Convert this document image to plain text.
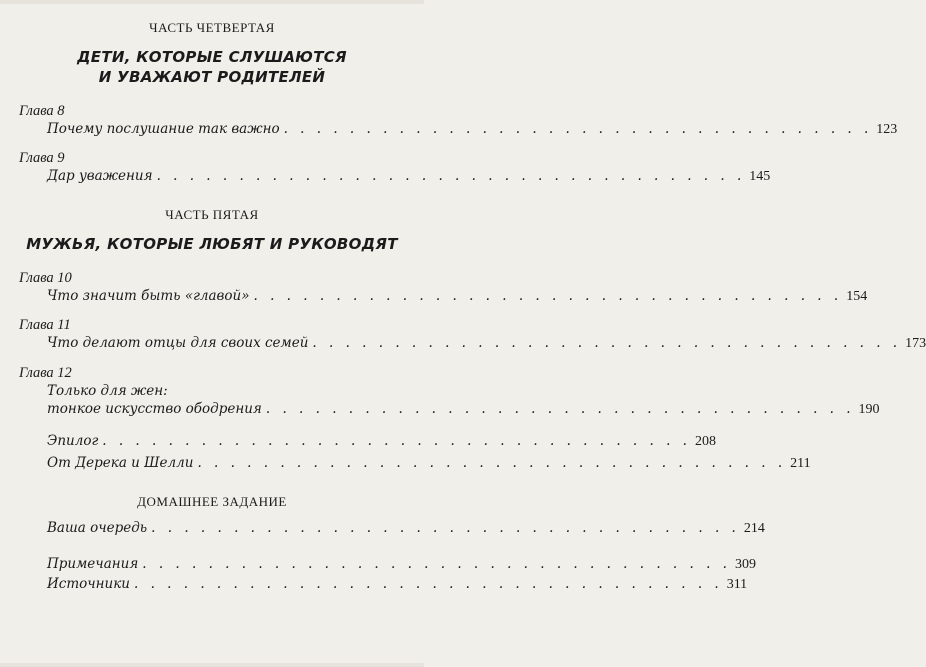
ЧАСТЬ ЧЕТВЕРТАЯ
ДЕТИ, КОТОРЫЕ СЛУШАЮТСЯ
И УВАЖАЮТ РОДИТЕЛЕЙ
Глава 8
Почему послушание так важно . . . . . . . . . . . . . . . . . . . . . . . . . . . . . . . . . . . . 123
Глава 9
Дар уважения . . . . . . . . . . . . . . . . . . . . . . . . . . . . . . . . . . . . 145
ЧАСТЬ ПЯТАЯ
МУЖЬЯ, КОТОРЫЕ ЛЮБЯТ И РУКОВОДЯТ
Глава 10
Что значит быть «главой» . . . . . . . . . . . . . . . . . . . . . . . . . . . . . . . . . . . . 154
Глава 11
Что делают отцы для своих семей . . . . . . . . . . . . . . . . . . . . . . . . . . . . . . . . . . . . 173
Глава 12
Только для жен:
тонкое искусство ободрения . . . . . . . . . . . . . . . . . . . . . . . . . . . . . . . . . . . . 190
Эпилог . . . . . . . . . . . . . . . . . . . . . . . . . . . . . . . . . . . . 208
От Дерека и Шелли . . . . . . . . . . . . . . . . . . . . . . . . . . . . . . . . . . . . 211
ДОМАШНЕЕ ЗАДАНИЕ
Ваша очередь . . . . . . . . . . . . . . . . . . . . . . . . . . . . . . . . . . . . 214
Примечания . . . . . . . . . . . . . . . . . . . . . . . . . . . . . . . . . . . . 309
Источники . . . . . . . . . . . . . . . . . . . . . . . . . . . . . . . . . . . . 311
